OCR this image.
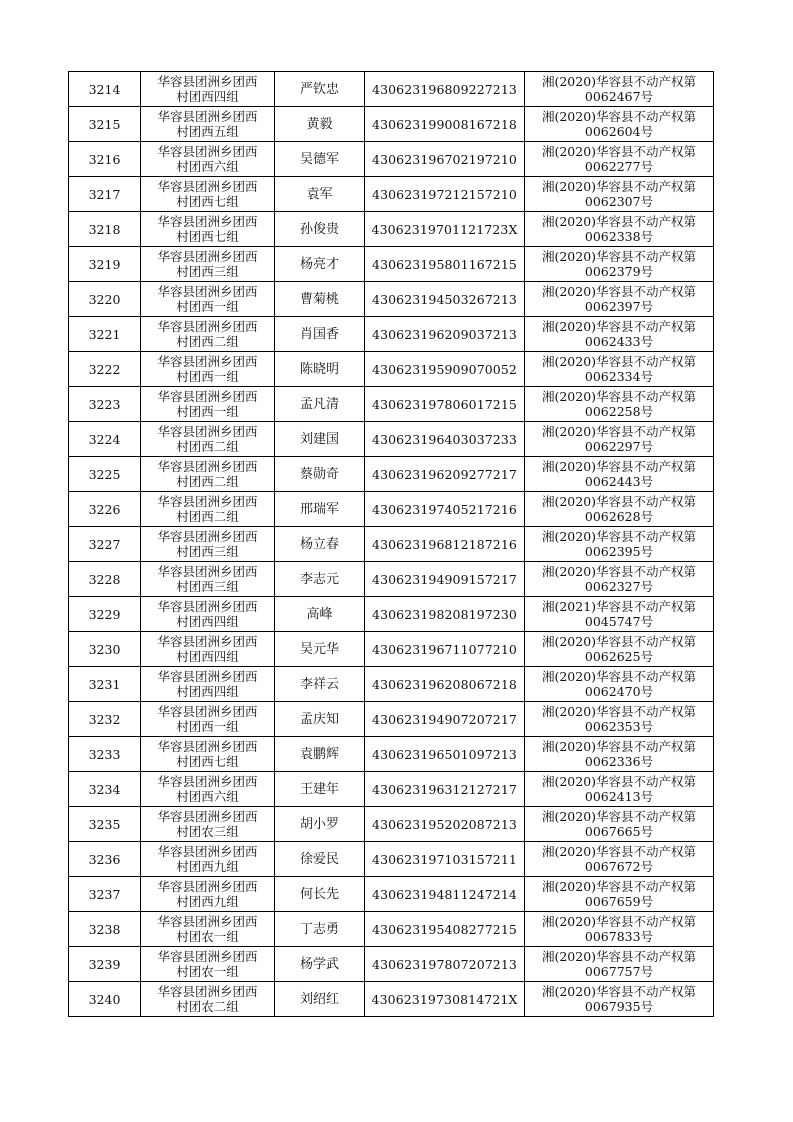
3214	华容县团洲乡团西
村团西四组	严钦忠	430623196809227213	湘(2020)华容县不动产权第
0062467号

3215	华容县团洲乡团西
村团西五组	黄毅	430623199008167218	湘(2020)华容县不动产权第
0062604号

3216	华容县团洲乡团西
村团西六组	吴德军	430623196702197210	湘(2020)华容县不动产权第
0062277号

3217	华容县团洲乡团西
村团西七组	袁军	430623197212157210	湘(2020)华容县不动产权第
0062307号

3218	华容县团洲乡团西
村团西七组	孙俊贵	43062319701121723X	湘(2020)华容县不动产权第
0062338号

3219	华容县团洲乡团西
村团西三组	杨亮才	430623195801167215	湘(2020)华容县不动产权第
0062379号

3220	华容县团洲乡团西
村团西一组	曹菊桃	430623194503267213	湘(2020)华容县不动产权第
0062397号

3221	华容县团洲乡团西
村团西二组	肖国香	430623196209037213	湘(2020)华容县不动产权第
0062433号

3222	华容县团洲乡团西
村团西一组	陈晓明	430623195909070052	湘(2020)华容县不动产权第
0062334号

3223	华容县团洲乡团西
村团西一组	孟凡清	430623197806017215	湘(2020)华容县不动产权第
0062258号

3224	华容县团洲乡团西
村团西二组	刘建国	430623196403037233	湘(2020)华容县不动产权第
0062297号

3225	华容县团洲乡团西
村团西二组	蔡勋奇	430623196209277217	湘(2020)华容县不动产权第
0062443号

3226	华容县团洲乡团西
村团西二组	邢瑞军	430623197405217216	湘(2020)华容县不动产权第
0062628号

3227	华容县团洲乡团西
村团西三组	杨立春	430623196812187216	湘(2020)华容县不动产权第
0062395号

3228	华容县团洲乡团西
村团西三组	李志元	430623194909157217	湘(2020)华容县不动产权第
0062327号

3229	华容县团洲乡团西
村团西四组	高峰	430623198208197230	湘(2021)华容县不动产权第
0045747号

3230	华容县团洲乡团西
村团西四组	吴元华	430623196711077210	湘(2020)华容县不动产权第
0062625号

3231	华容县团洲乡团西
村团西四组	李祥云	430623196208067218	湘(2020)华容县不动产权第
0062470号

3232	华容县团洲乡团西
村团西一组	孟庆知	430623194907207217	湘(2020)华容县不动产权第
0062353号

3233	华容县团洲乡团西
村团西七组	袁鹏辉	430623196501097213	湘(2020)华容县不动产权第
0062336号

3234	华容县团洲乡团西
村团西六组	王建年	430623196312127217	湘(2020)华容县不动产权第
0062413号

3235	华容县团洲乡团西
村团农三组	胡小罗	430623195202087213	湘(2020)华容县不动产权第
0067665号

3236	华容县团洲乡团西
村团西九组	徐爱民	430623197103157211	湘(2020)华容县不动产权第
0067672号

3237	华容县团洲乡团西
村团西九组	何长先	430623194811247214	湘(2020)华容县不动产权第
0067659号

3238	华容县团洲乡团西
村团农一组	丁志勇	430623195408277215	湘(2020)华容县不动产权第
0067833号

3239	华容县团洲乡团西
村团农一组	杨学武	430623197807207213	湘(2020)华容县不动产权第
0067757号

3240	华容县团洲乡团西
村团农二组	刘绍红	43062319730814721X	湘(2020)华容县不动产权第
0067935号
